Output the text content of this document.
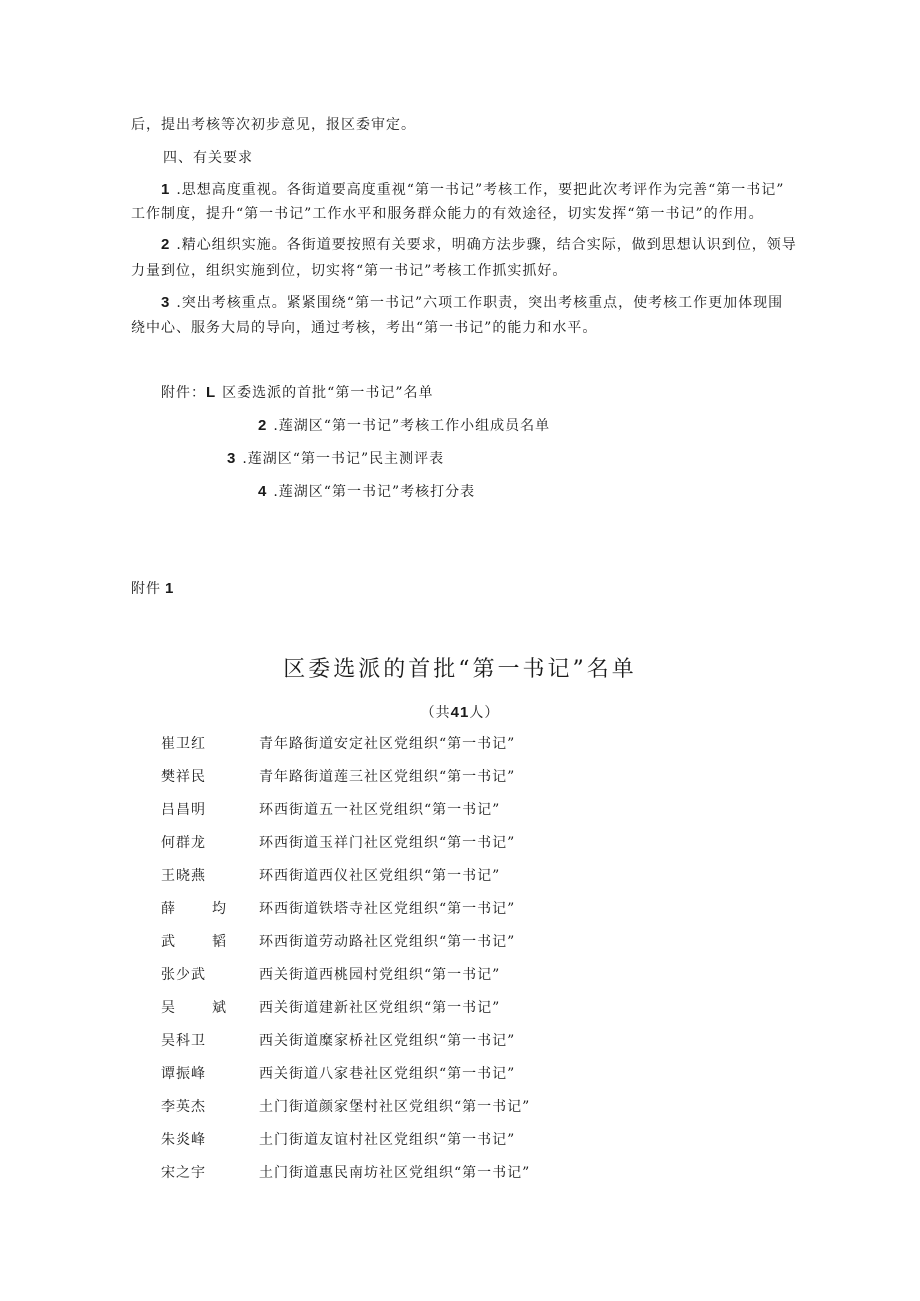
后，提出考核等次初步意见，报区委审定。
四、有关要求
1 .思想高度重视。各街道要高度重视“第一书记”考核工作，要把此次考评作为完善“第一书记”
工作制度，提升“第一书记”工作水平和服务群众能力的有效途径，切实发挥“第一书记”的作用。
2 .精心组织实施。各街道要按照有关要求，明确方法步骤，结合实际，做到思想认识到位，领导
力量到位，组织实施到位，切实将“第一书记”考核工作抓实抓好。
3 .突出考核重点。紧紧围绕“第一书记”六项工作职责，突出考核重点，使考核工作更加体现围
绕中心、服务大局的导向，通过考核，考出“第一书记”的能力和水平。
附件：L 区委选派的首批“第一书记”名单
2 .莲湖区“第一书记”考核工作小组成员名单
3 .莲湖区“第一书记”民主测评表
4 .莲湖区“第一书记”考核打分表
附件 1
区委选派的首批“第一书记”名单
（共41人）
崔卫红	青年路街道安定社区党组织“第一书记”
樊祥民	青年路街道莲三社区党组织“第一书记”
吕昌明	环西街道五一社区党组织“第一书记”
何群龙	环西街道玉祥门社区党组织“第一书记”
王晓燕	环西街道西仪社区党组织“第一书记”
薛	均 环西街道铁塔寺社区党组织“第一书记”
武	韬 环西街道劳动路社区党组织“第一书记”
张少武	西关街道西桃园村党组织“第一书记”
吴	斌 西关街道建新社区党组织“第一书记”
吴科卫	西关街道糜家桥社区党组织“第一书记”
谭振峰	西关街道八家巷社区党组织“第一书记”
李英杰	土门街道颜家堡村社区党组织“第一书记”
朱炎峰	土门街道友谊村社区党组织“第一书记”
宋之宇	土门街道惠民南坊社区党组织“第一书记”
